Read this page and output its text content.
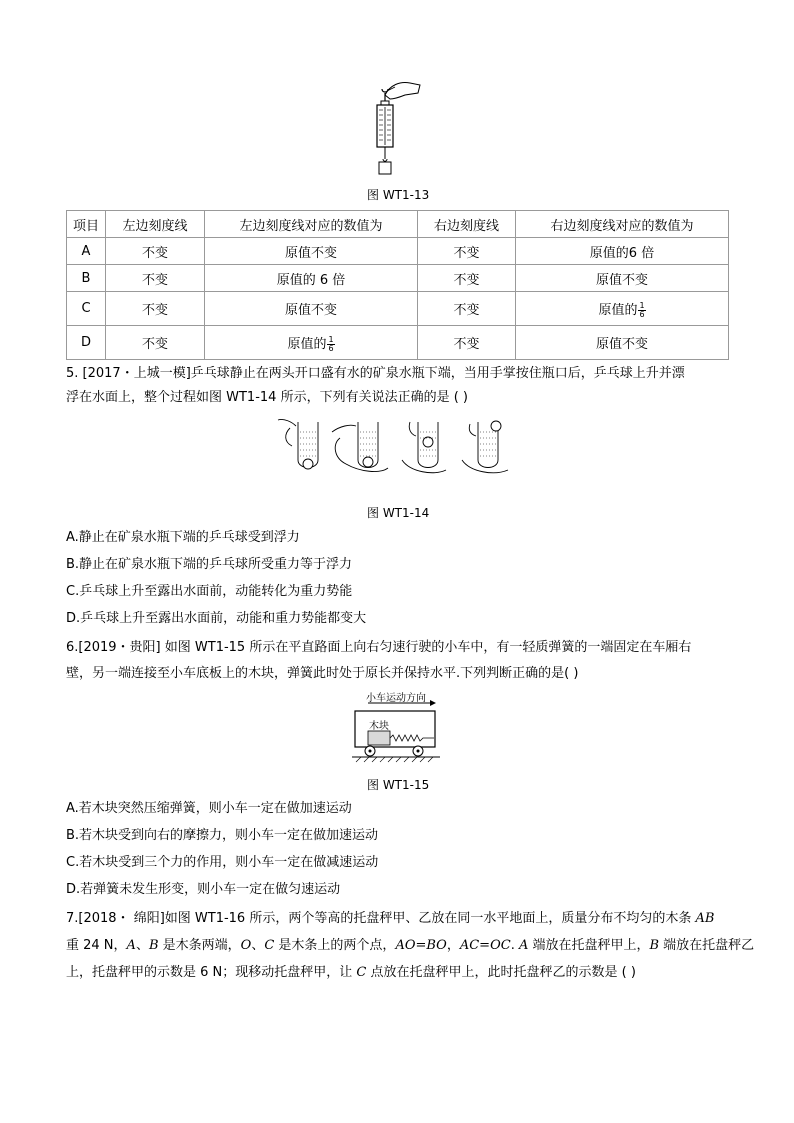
图 WT1-13
项目	左边刻度线	左边刻度线对应的数值为	右边刻度线	右边刻度线对应的数值为
A	不变	原值不变	不变	原值的6 倍
B	不变	原值的 6 倍	不变	原值不变
C	不变	原值不变	不变	原值的 $\frac{1}{6}$

D	不变	原值的 $\frac{1}{6}$	不变	原值不变
5. [2017・上城一模]乒乓球静止在两头开口盛有水的矿泉水瓶下端，当用手掌按住瓶口后，乒乓球上升并漂
浮在水面上，整个过程如图 WT1-14 所示，下列有关说法正确的是 ( )
图 WT1-14
A.静止在矿泉水瓶下端的乒乓球受到浮力
B.静止在矿泉水瓶下端的乒乓球所受重力等于浮力
C.乒乓球上升至露出水面前，动能转化为重力势能
D.乒乓球上升至露出水面前，动能和重力势能都变大
6.[2019・贵阳] 如图 WT1-15 所示在平直路面上向右匀速行驶的小车中，有一轻质弹簧的一端固定在车厢右
壁，另一端连接至小车底板上的木块，弹簧此时处于原长并保持水平.下列判断正确的是( )
小车运动方向
木块
图 WT1-15
A.若木块突然压缩弹簧，则小车一定在做加速运动
B.若木块受到向右的摩擦力，则小车一定在做加速运动
C.若木块受到三个力的作用，则小车一定在做减速运动
D.若弹簧未发生形变，则小车一定在做匀速运动
7.[2018・ 绵阳]如图 WT1-16 所示，两个等高的托盘秤甲、乙放在同一水平地面上，质量分布不均匀的木条 AB
重 24 N，A、B 是木条两端，O、C 是木条上的两个点，AO=BO，AC=OC. A 端放在托盘秤甲上，B 端放在托盘秤乙
上，托盘秤甲的示数是 6 N；现移动托盘秤甲，让 C 点放在托盘秤甲上，此时托盘秤乙的示数是 ( )
